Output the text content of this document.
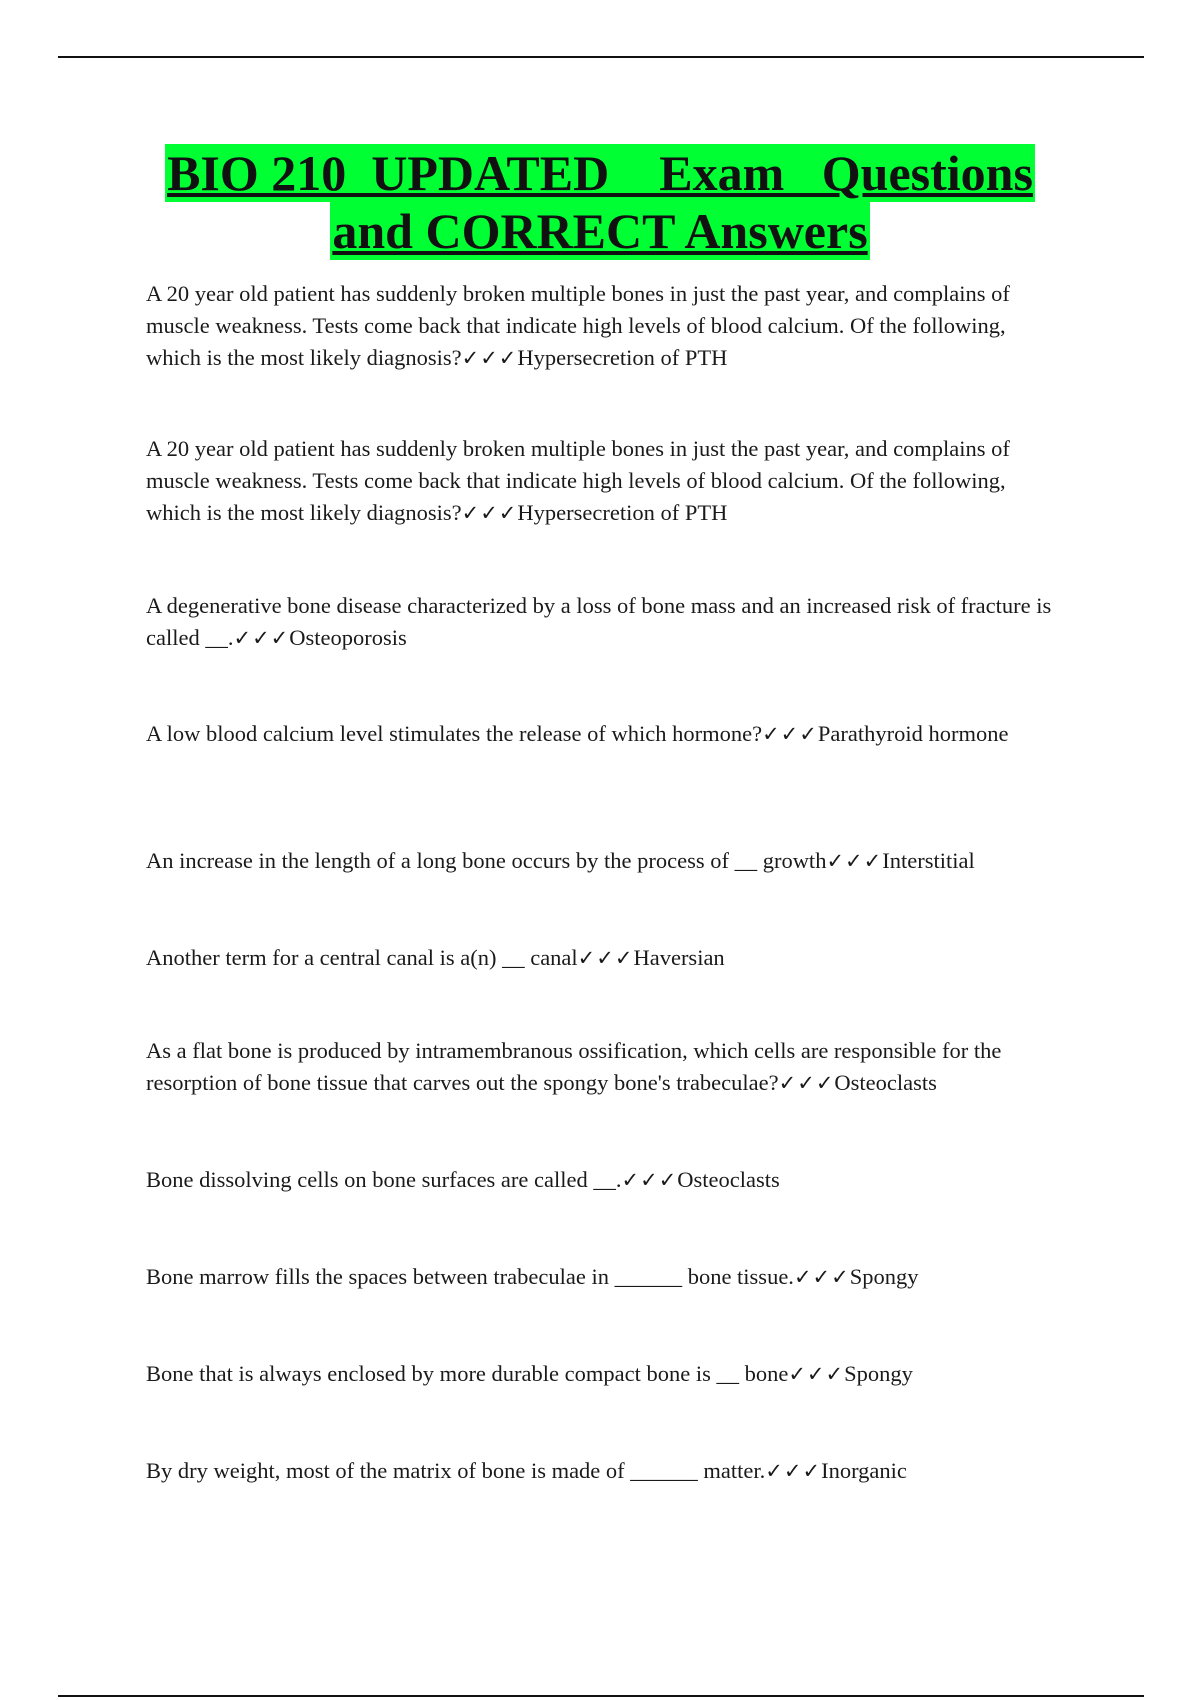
BIO 210  UPDATED    Exam   Questions
and CORRECT Answers

A 20 year old patient has suddenly broken multiple bones in just the past year, and complains of muscle weakness. Tests come back that indicate high levels of blood calcium. Of the following, which is the most likely diagnosis?✓✓✓Hypersecretion of PTH

A 20 year old patient has suddenly broken multiple bones in just the past year, and complains of muscle weakness. Tests come back that indicate high levels of blood calcium. Of the following, which is the most likely diagnosis?✓✓✓Hypersecretion of PTH

A degenerative bone disease characterized by a loss of bone mass and an increased risk of fracture is called __.✓✓✓Osteoporosis

A low blood calcium level stimulates the release of which hormone?✓✓✓Parathyroid hormone

An increase in the length of a long bone occurs by the process of __ growth✓✓✓Interstitial

Another term for a central canal is a(n) __ canal✓✓✓Haversian

As a flat bone is produced by intramembranous ossification, which cells are responsible for the resorption of bone tissue that carves out the spongy bone's trabeculae?✓✓✓Osteoclasts

Bone dissolving cells on bone surfaces are called __.✓✓✓Osteoclasts

Bone marrow fills the spaces between trabeculae in ______ bone tissue.✓✓✓Spongy

Bone that is always enclosed by more durable compact bone is __ bone✓✓✓Spongy

By dry weight, most of the matrix of bone is made of ______ matter.✓✓✓Inorganic
